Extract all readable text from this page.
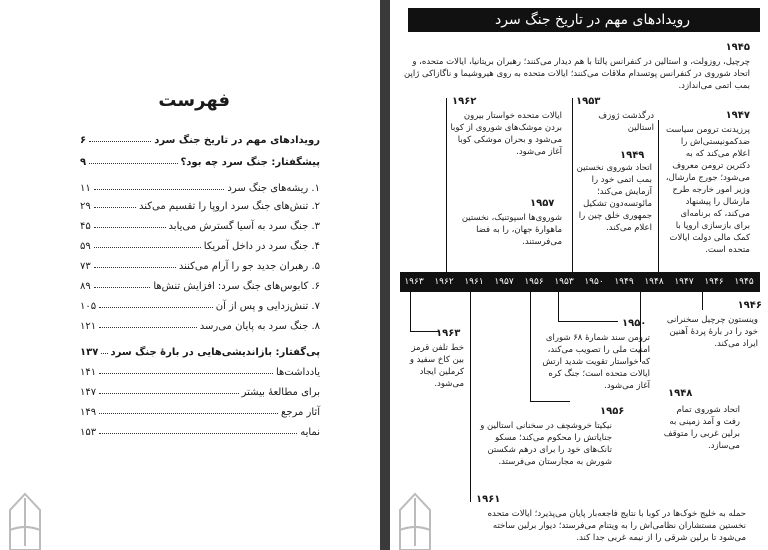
فهرست
رویدادهای مهم در تاریخ جنگ سرد
۶
پیشگفتار: جنگ سرد چه بود؟
۹
۱. ریشه‌های جنگ سرد
۱۱
۲. تنش‌های جنگ سرد اروپا را تقسیم می‌کند
۲۹
۳. جنگ سرد به آسیا گسترش می‌یابد
۴۵
۴. جنگ سرد در داخل آمریکا
۵۹
۵. رهبران جدید جو را آرام می‌کنند
۷۳
۶. کابوس‌های جنگ سرد: افزایش تنش‌ها
۸۹
۷. تنش‌زدایی و پس از آن
۱۰۵
۸. جنگ سرد به پایان می‌رسد
۱۲۱
پی‌گفتار: بازاندیشی‌هایی در بارهٔ جنگ سرد
۱۳۷
یادداشت‌ها
۱۴۱
برای مطالعهٔ بیشتر
۱۴۷
آثار مرجع
۱۴۹
نمایه
۱۵۳
رویدادهای مهم در تاریخ جنگ سرد
۱۹۴۵
چرچیل، روزولت، و استالین در کنفرانس یالتا با هم دیدار می‌کنند؛ رهبران بریتانیا، ایالات متحده، و اتحاد شوروی در کنفرانس پوتسدام ملاقات می‌کنند؛ ایالات متحده به روی هیروشیما و ناگازاکی ژاپن بمب اتمی می‌اندازد.
۱۹۵۳
درگذشت ژوزف استالین
۱۹۶۲
ایالات متحده خواستار بیرون بردن موشک‌های شوروی از کوبا می‌شود و بحران موشکی کوبا آغاز می‌شود.
۱۹۴۷
پرزیدنت ترومن سیاست ضدکمونیستی‌اش را اعلام می‌کند که به دکترین ترومن معروف می‌شود؛ جورج مارشال، وزیر امور خارجه طرح مارشال را پیشنهاد می‌کند، که برنامه‌ای برای بازسازی اروپا با کمک مالی دولت ایالات متحده است.
۱۹۴۹
اتحاد شوروی نخستین بمب اتمی خود را آزمایش می‌کند؛ مائوتسه‌دون تشکیل جمهوری خلق چین را اعلام می‌کند.
۱۹۵۷
شوروی‌ها اسپوتنیک، نخستین ماهوارهٔ جهان، را به فضا می‌فرستند.
۱۹۴۵
۱۹۴۶
۱۹۴۷
۱۹۴۸
۱۹۴۹
۱۹۵۰
۱۹۵۳
۱۹۵۶
۱۹۵۷
۱۹۶۱
۱۹۶۲
۱۹۶۳
۱۹۴۶
وینستون چرچیل سخنرانی خود را در بارهٔ پردهٔ آهنین ایراد می‌کند.
۱۹۵۰
ترومن سند شمارهٔ ۶۸ شورای امنیت ملی را تصویب می‌کند، که خواستار تقویت شدید ارتش ایالات متحده است؛ جنگ کره آغاز می‌شود.
۱۹۶۳
خط تلفن قرمز بین کاخ سفید و کرملین ایجاد می‌شود.
۱۹۴۸
اتحاد شوروی تمام رفت و آمد زمینی به برلین غربی را متوقف می‌سازد.
۱۹۵۶
نیکیتا خروشچف در سخنانی استالین و جنایاتش را محکوم می‌کند؛ مسکو تانک‌های خود را برای درهم شکستن شورش به مجارستان می‌فرستد.
۱۹۶۱
حمله به خلیج خوک‌ها در کوبا با نتایج فاجعه‌بار پایان می‌پذیرد؛ ایالات متحده نخستین مستشاران نظامی‌اش را به ویتنام می‌فرستد؛ دیوار برلین ساخته می‌شود تا برلین شرقی را از نیمه غربی جدا کند.
